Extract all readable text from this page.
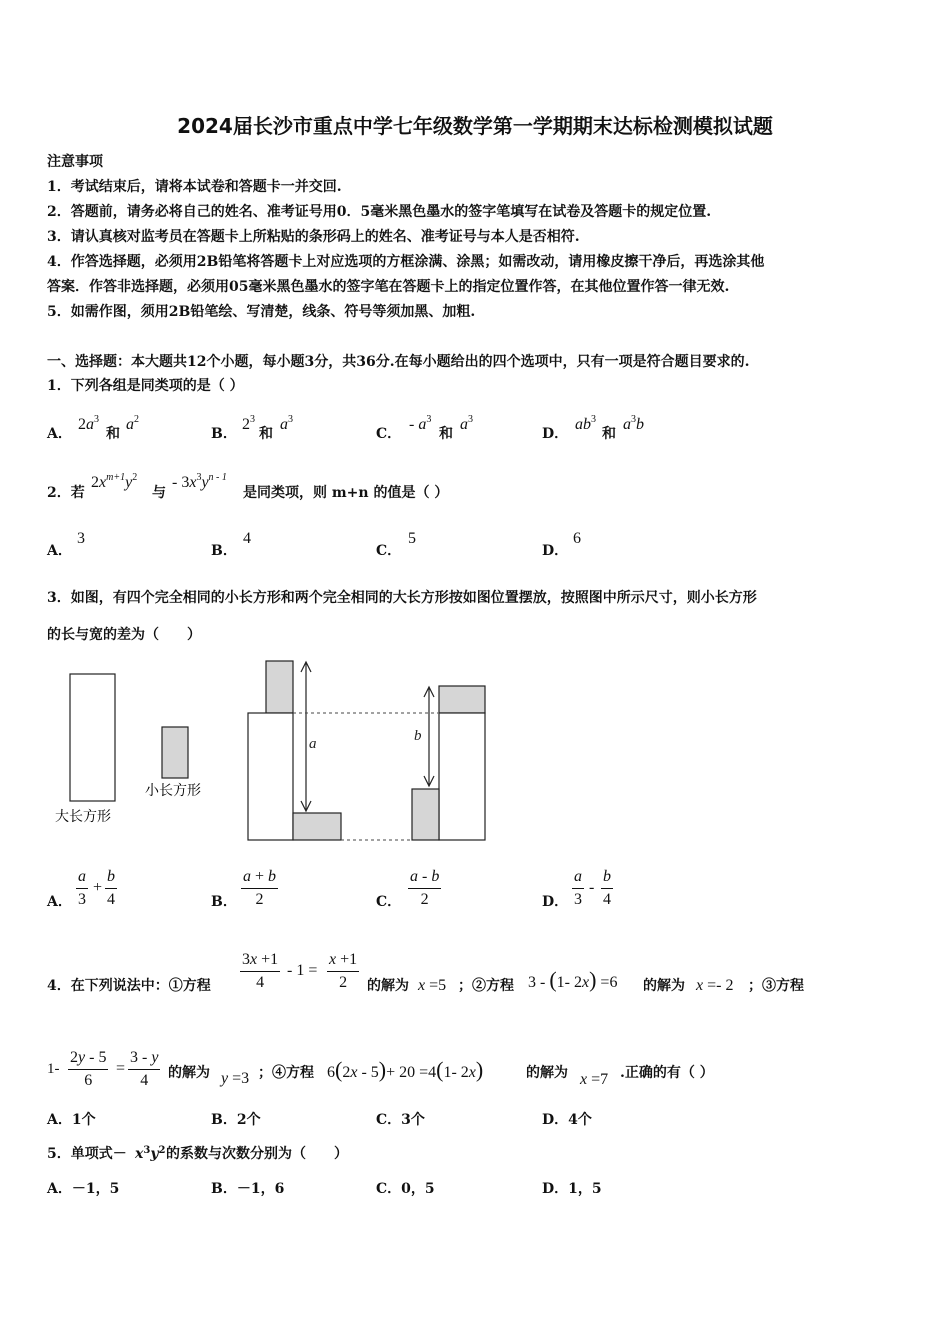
2024届长沙市重点中学七年级数学第一学期期末达标检测模拟试题
注意事项
1．考试结束后，请将本试卷和答题卡一并交回.
2．答题前，请务必将自己的姓名、准考证号用0．5毫米黑色墨水的签字笔填写在试卷及答题卡的规定位置.
3．请认真核对监考员在答题卡上所粘贴的条形码上的姓名、准考证号与本人是否相符.
4．作答选择题，必须用2B铅笔将答题卡上对应选项的方框涂满、涂黑；如需改动，请用橡皮擦干净后，再选涂其他
答案．作答非选择题，必须用05毫米黑色墨水的签字笔在答题卡上的指定位置作答，在其他位置作答一律无效.
5．如需作图，须用2B铅笔绘、写清楚，线条、符号等须加黑、加粗.
一、选择题：本大题共12个小题，每小题3分，共36分.在每小题给出的四个选项中，只有一项是符合题目要求的.
1．下列各组是同类项的是（ ）
A．
$2a^3$
和
$a^2$
B．
$2^3$
和
$a^3$
C．
- $a^3$
和
$a^3$
D．
$ab^3$
和
$a^3b$
2．若
$2x^{m+1}y^2$
与
- $3x^3y^{n - 1}$
是同类项，则 m+n 的值是（ ）
A．
3
B．
4
C．
5
D．
6
3．如图，有四个完全相同的小长方形和两个完全相同的大长方形按如图位置摆放，按照图中所示尺寸，则小长方形
的长与宽的差为（　　）
大长方形
小长方形
a	b
A．
a
3
+
b
4	B．
a + b
2	C．
a - b
2	D．
a
3
-
b
4
4．在下列说法中：①方程
3x +1
4
- 1 =
x +1
2 的解为 x =5 ；②方程 3 - (1- 2x) =6 的解为 x =- 2 ；③方程
1-
2y - 5
6
=
3 - y
4 的解为 y =3 ；④方程 6(2x - 5)+ 20 =4(1- 2x)	的解为 x =7 .正确的有（ ）
A．1个	B．2个	C．3个	D．4个
5．单项式－ $x^3y^2$ 的系数与次数分别为（　　）
A．－1，5	B．－1，6	C．0，5	D．1，5
